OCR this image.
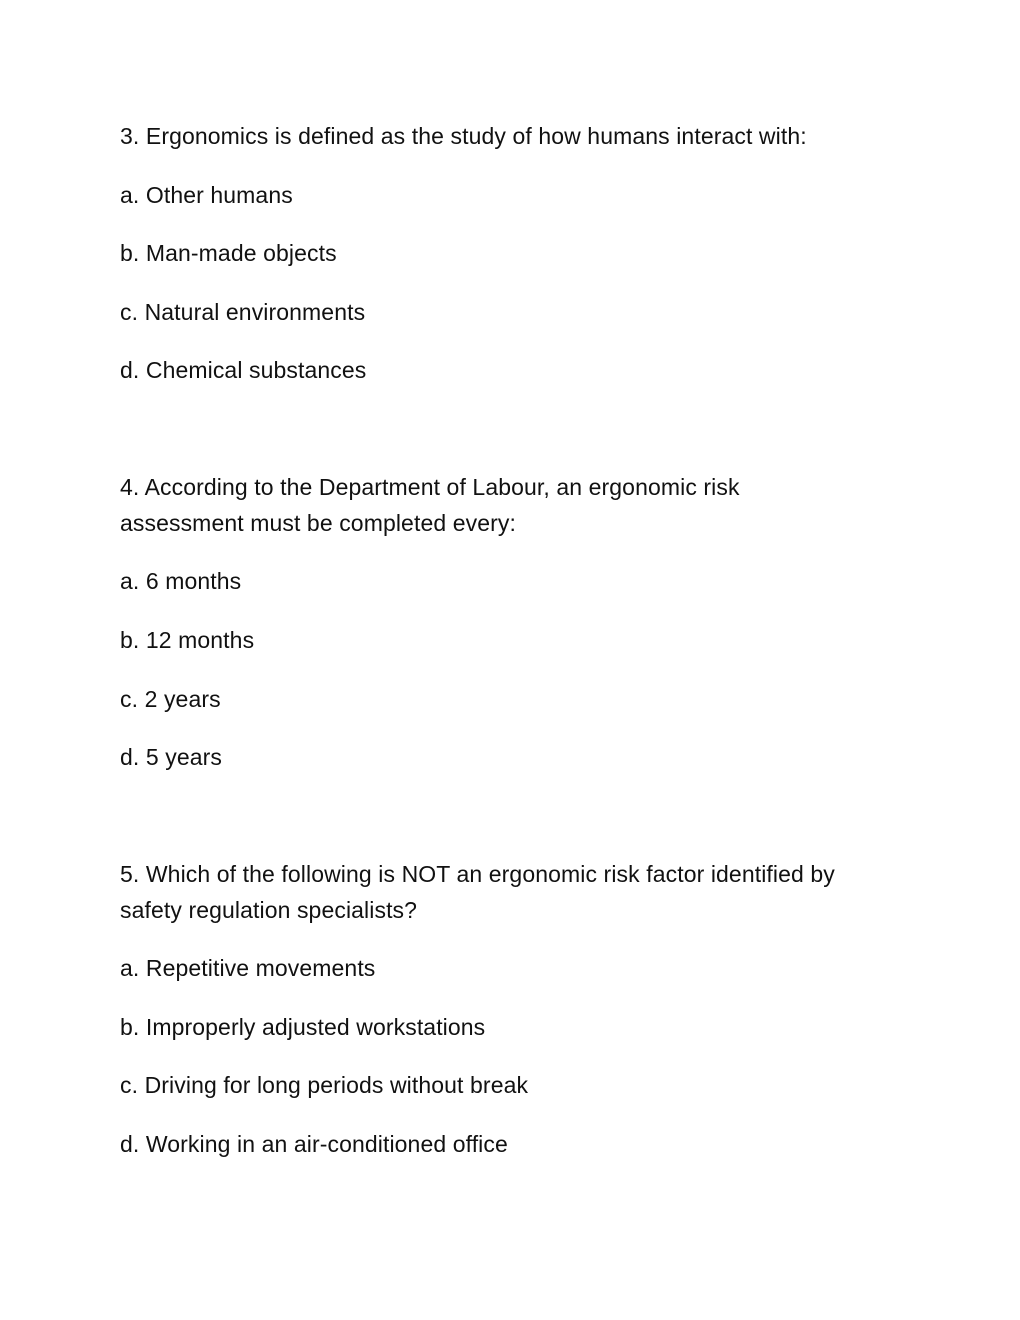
3. Ergonomics is defined as the study of how humans interact with:
a. Other humans
b. Man-made objects
c. Natural environments
d. Chemical substances
4. According to the Department of Labour, an ergonomic risk
assessment must be completed every:
a. 6 months
b. 12 months
c. 2 years
d. 5 years
5. Which of the following is NOT an ergonomic risk factor identified by
safety regulation specialists?
a. Repetitive movements
b. Improperly adjusted workstations
c. Driving for long periods without break
d. Working in an air-conditioned office
